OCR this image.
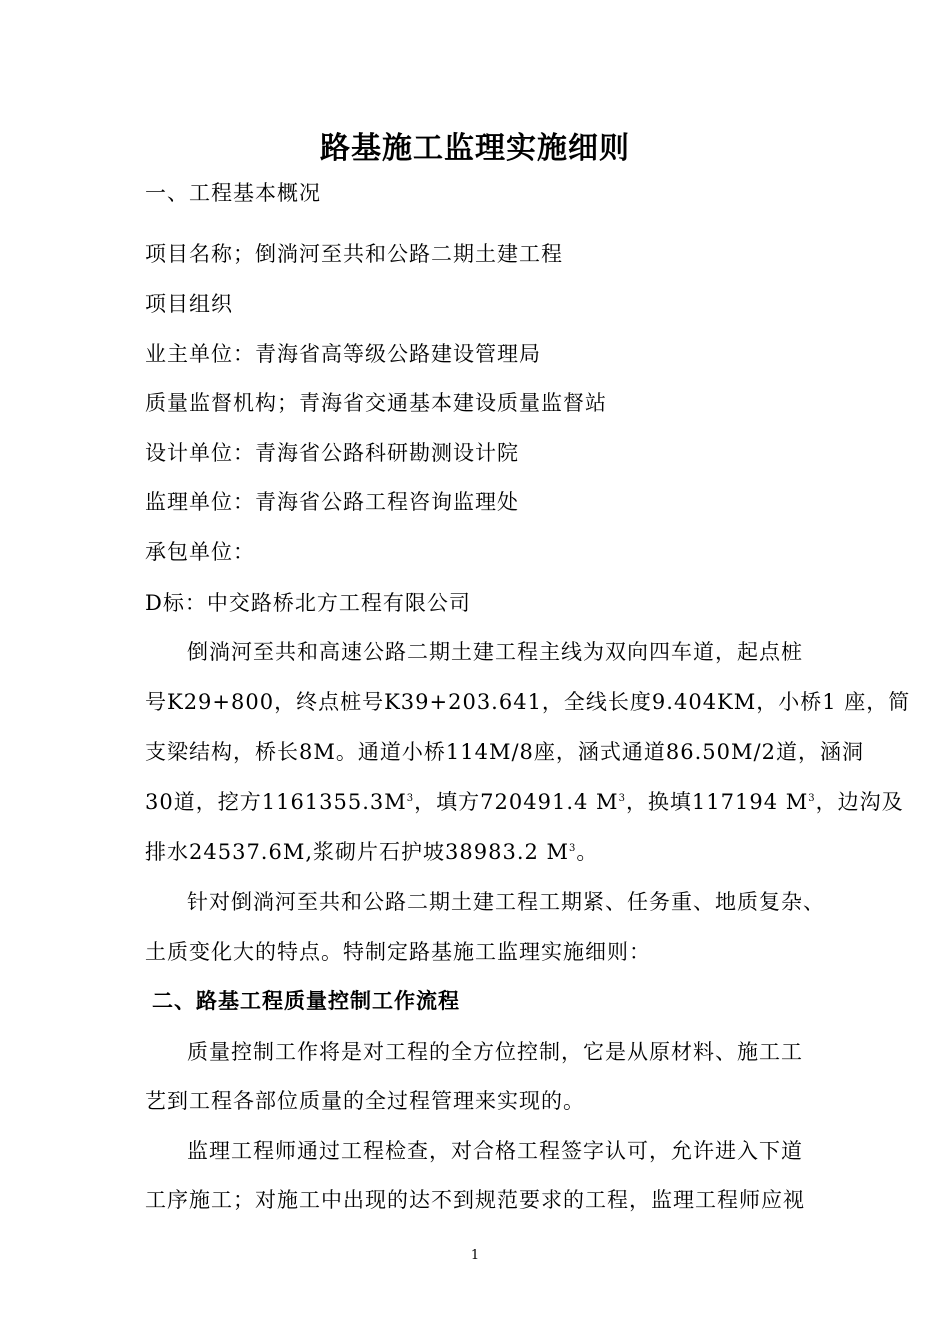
路基施工监理实施细则
一、工程基本概况
项目名称；倒淌河至共和公路二期土建工程
项目组织
业主单位：青海省高等级公路建设管理局
质量监督机构；青海省交通基本建设质量监督站
设计单位：青海省公路科研勘测设计院
监理单位：青海省公路工程咨询监理处
承包单位：
D标：中交路桥北方工程有限公司
倒淌河至共和高速公路二期土建工程主线为双向四车道，起点桩
号K29+800，终点桩号K39+203.641，全线长度9.404KM，小桥1 座，简
支梁结构，桥长8M。通道小桥114M/8座，涵式通道86.50M/2道，涵洞
30道，挖方$1161355.3M^3$，填方720491.4 $M^3$，换填117194 $M^3$，边沟及
排水24537.6M,浆砌片石护坡38983.2 $M^3$。
针对倒淌河至共和公路二期土建工程工期紧、任务重、地质复杂、
土质变化大的特点。特制定路基施工监理实施细则：
二、路基工程质量控制工作流程
质量控制工作将是对工程的全方位控制，它是从原材料、施工工
艺到工程各部位质量的全过程管理来实现的。
监理工程师通过工程检查，对合格工程签字认可，允许进入下道
工序施工；对施工中出现的达不到规范要求的工程，监理工程师应视
1
